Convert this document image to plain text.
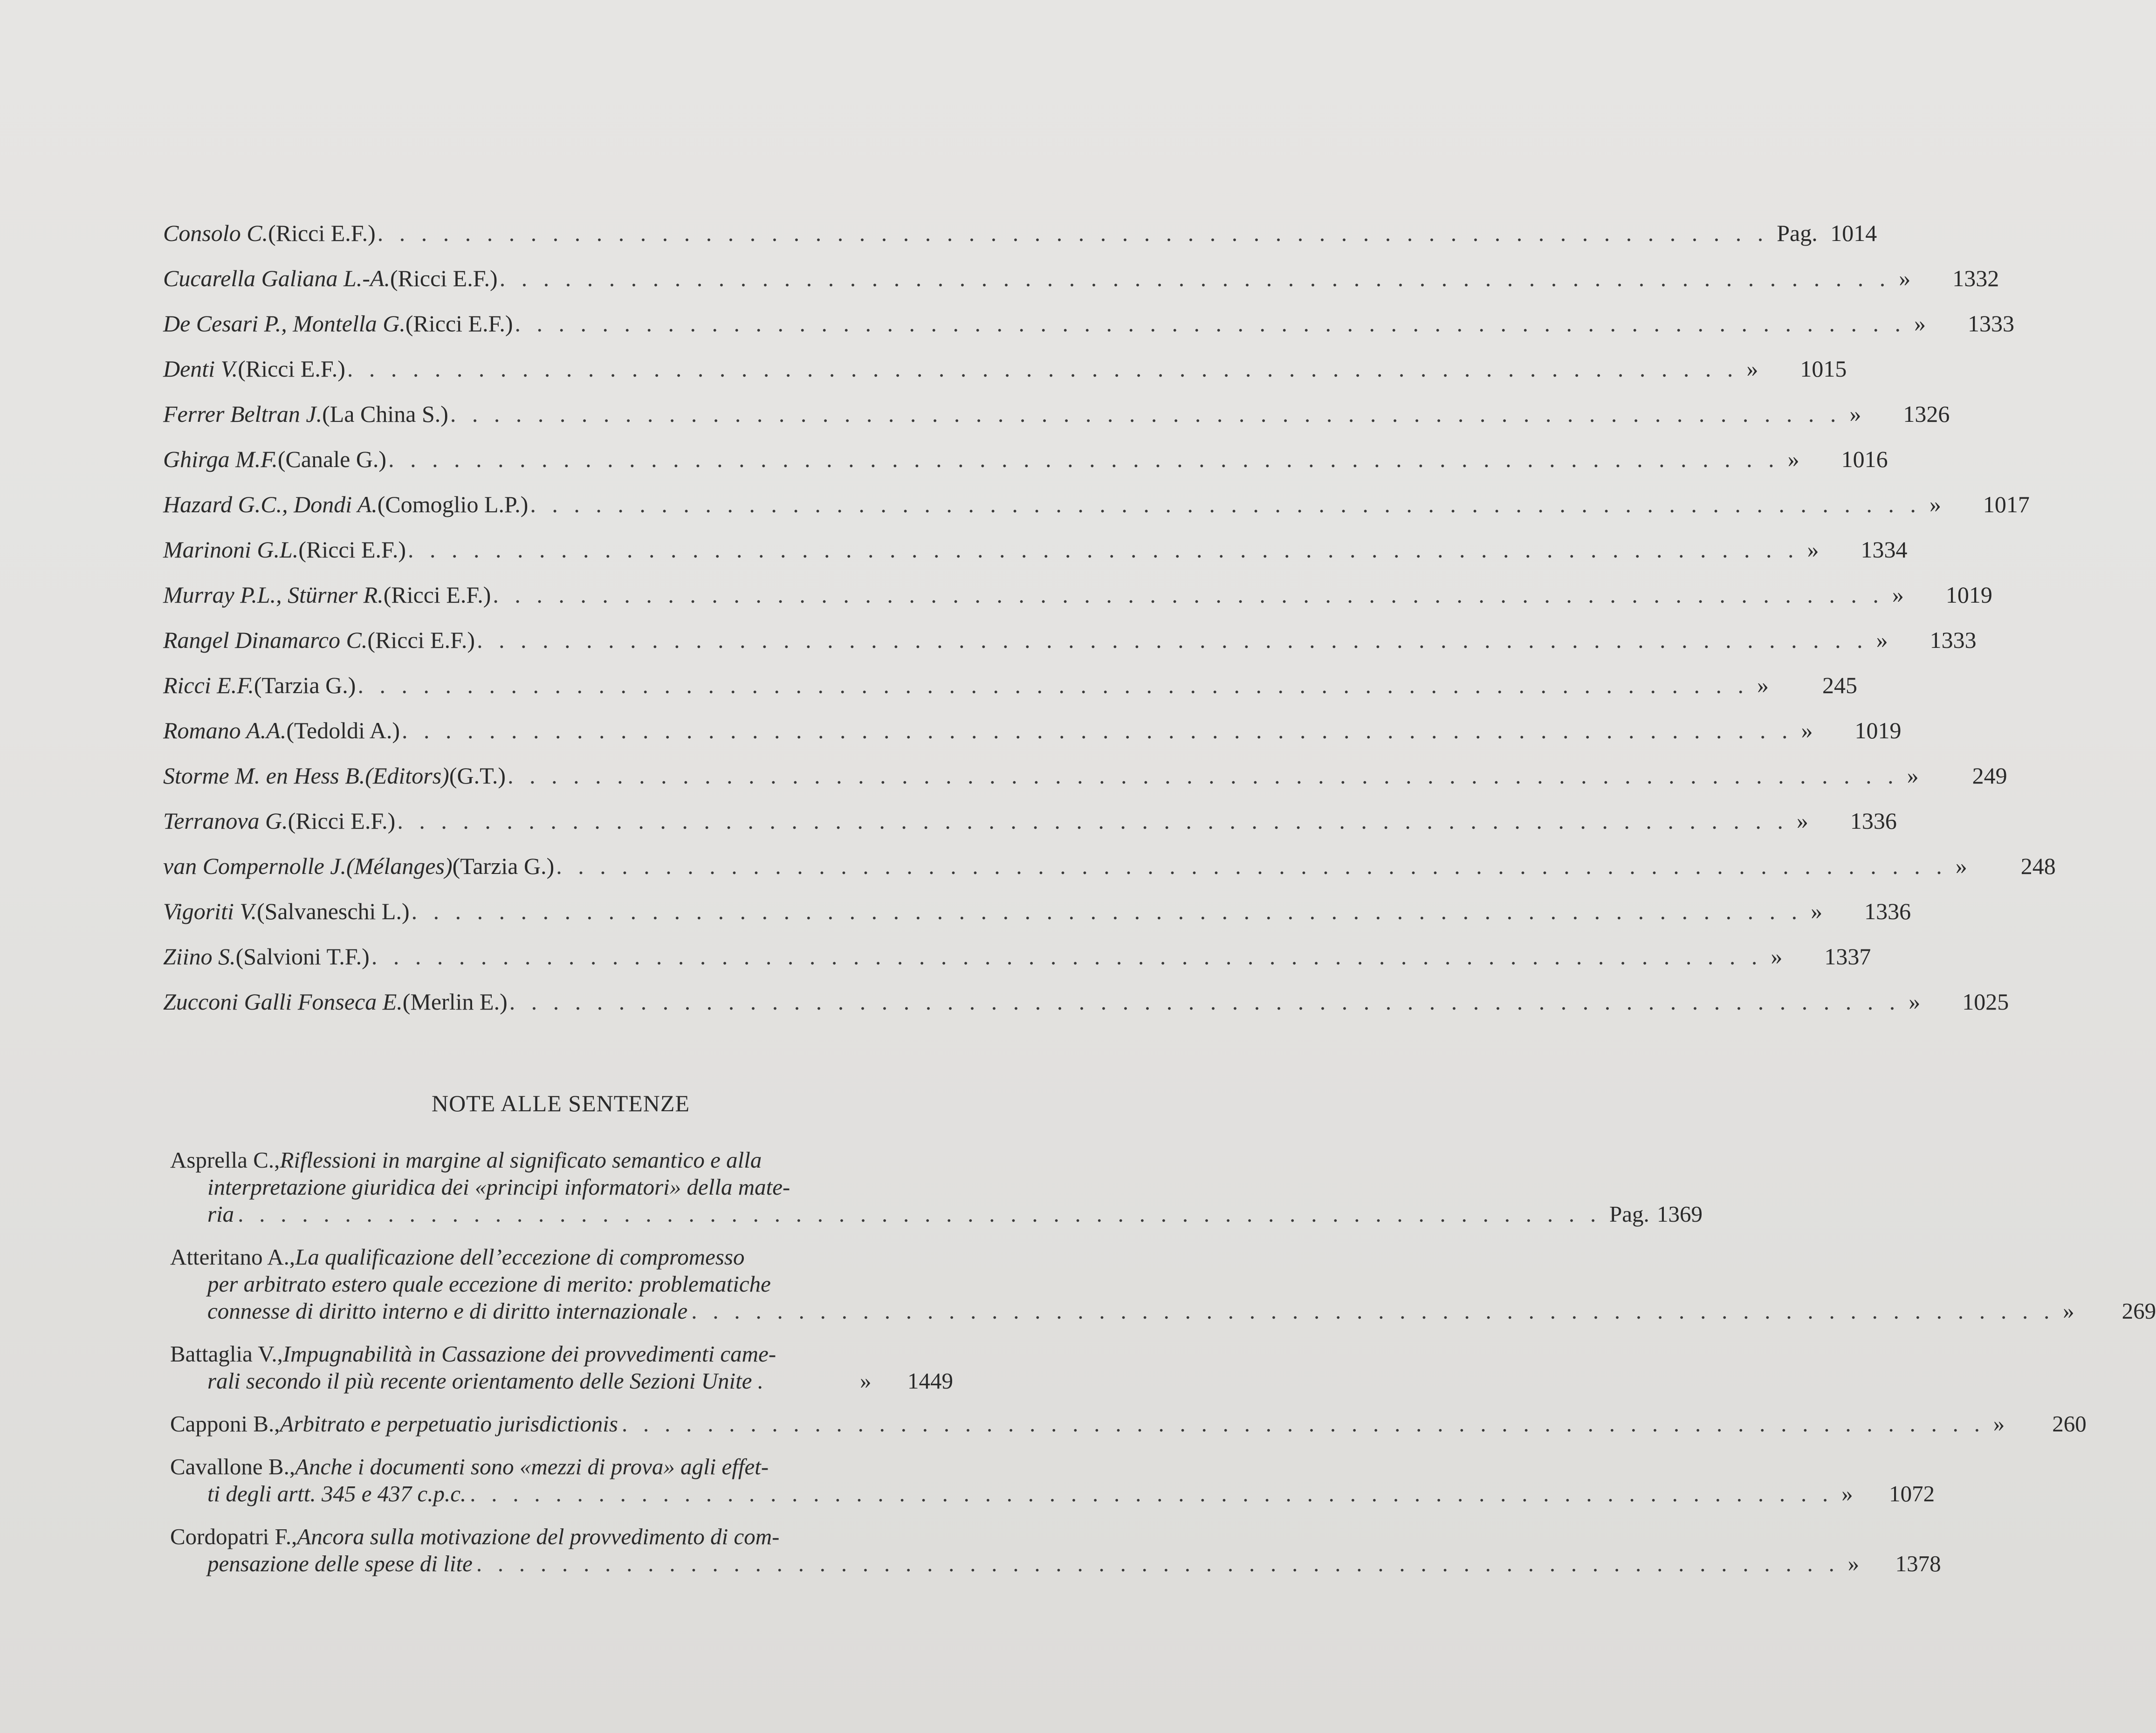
Consolo C. (Ricci E.F.) . . . . . . . . . . . . . . . . . . . . . . . . . . . . . . . . . . . . . . . . . . . . . . . . . . . . . . . . . . . . . . . . Pag. 1014
Cucarella Galiana L.-A. (Ricci E.F.) . . . . . . . . . . . . . . . . . . . . . . . . . . . . . . . . . . . . . . . . . . . . . . . . . . . . . . . . . . . . . . . . » 1332
De Cesari P., Montella G. (Ricci E.F.) . . . . . . . . . . . . . . . . . . . . . . . . . . . . . . . . . . . . . . . . . . . . . . . . . . . . . . . . . . . . . . . . » 1333
Denti V. (Ricci E.F.) . . . . . . . . . . . . . . . . . . . . . . . . . . . . . . . . . . . . . . . . . . . . . . . . . . . . . . . . . . . . . . . . » 1015
Ferrer Beltran J. (La China S.) . . . . . . . . . . . . . . . . . . . . . . . . . . . . . . . . . . . . . . . . . . . . . . . . . . . . . . . . . . . . . . . . » 1326
Ghirga M.F. (Canale G.) . . . . . . . . . . . . . . . . . . . . . . . . . . . . . . . . . . . . . . . . . . . . . . . . . . . . . . . . . . . . . . . . » 1016
Hazard G.C., Dondi A. (Comoglio L.P.) . . . . . . . . . . . . . . . . . . . . . . . . . . . . . . . . . . . . . . . . . . . . . . . . . . . . . . . . . . . . . . . . » 1017
Marinoni G.L. (Ricci E.F.) . . . . . . . . . . . . . . . . . . . . . . . . . . . . . . . . . . . . . . . . . . . . . . . . . . . . . . . . . . . . . . . . » 1334
Murray P.L., Stürner R. (Ricci E.F.) . . . . . . . . . . . . . . . . . . . . . . . . . . . . . . . . . . . . . . . . . . . . . . . . . . . . . . . . . . . . . . . . » 1019
Rangel Dinamarco C. (Ricci E.F.) . . . . . . . . . . . . . . . . . . . . . . . . . . . . . . . . . . . . . . . . . . . . . . . . . . . . . . . . . . . . . . . . » 1333
Ricci E.F. (Tarzia G.) . . . . . . . . . . . . . . . . . . . . . . . . . . . . . . . . . . . . . . . . . . . . . . . . . . . . . . . . . . . . . . . . » 245
Romano A.A. (Tedoldi A.) . . . . . . . . . . . . . . . . . . . . . . . . . . . . . . . . . . . . . . . . . . . . . . . . . . . . . . . . . . . . . . . . » 1019
Storme M. en Hess B. (Editors) (G.T.) . . . . . . . . . . . . . . . . . . . . . . . . . . . . . . . . . . . . . . . . . . . . . . . . . . . . . . . . . . . . . . . . » 249
Terranova G. (Ricci E.F.) . . . . . . . . . . . . . . . . . . . . . . . . . . . . . . . . . . . . . . . . . . . . . . . . . . . . . . . . . . . . . . . . » 1336
van Compernolle J. (Mélanges) (Tarzia G.) . . . . . . . . . . . . . . . . . . . . . . . . . . . . . . . . . . . . . . . . . . . . . . . . . . . . . . . . . . . . . . . . » 248
Vigoriti V. (Salvaneschi L.) . . . . . . . . . . . . . . . . . . . . . . . . . . . . . . . . . . . . . . . . . . . . . . . . . . . . . . . . . . . . . . . . » 1336
Ziino S. (Salvioni T.F.) . . . . . . . . . . . . . . . . . . . . . . . . . . . . . . . . . . . . . . . . . . . . . . . . . . . . . . . . . . . . . . . . » 1337
Zucconi Galli Fonseca E. (Merlin E.) . . . . . . . . . . . . . . . . . . . . . . . . . . . . . . . . . . . . . . . . . . . . . . . . . . . . . . . . . . . . . . . . » 1025
NOTE ALLE SENTENZE
Asprella C., Riflessioni in margine al significato semantico e alla
interpretazione giuridica dei «principi informatori» della mate-
ria . . . . . . . . . . . . . . . . . . . . . . . . . . . . . . . . . . . . . . . . . . . . . . . . . . . . . . . . . . . . . . . . Pag. 1369
Atteritano A., La qualificazione dell’eccezione di compromesso
per arbitrato estero quale eccezione di merito: problematiche
connesse di diritto interno e di diritto internazionale . . . . . . . . . . . . . . . . . . . . . . . . . . . . . . . . . . . . . . . . . . . . . . . . . . . . . . . . . . . . . . . . » 269
Battaglia V., Impugnabilità in Cassazione dei provvedimenti came-
rali secondo il più recente orientamento delle Sezioni Unite .	» 1449
Capponi B., Arbitrato e perpetuatio jurisdictionis . . . . . . . . . . . . . . . . . . . . . . . . . . . . . . . . . . . . . . . . . . . . . . . . . . . . . . . . . . . . . . . . » 260
Cavallone B., Anche i documenti sono «mezzi di prova» agli effet-
ti degli artt. 345 e 437 c.p.c. . . . . . . . . . . . . . . . . . . . . . . . . . . . . . . . . . . . . . . . . . . . . . . . . . . . . . . . . . . . . . . . . » 1072
Cordopatri F., Ancora sulla motivazione del provvedimento di com-
pensazione delle spese di lite . . . . . . . . . . . . . . . . . . . . . . . . . . . . . . . . . . . . . . . . . . . . . . . . . . . . . . . . . . . . . . . . » 1378
